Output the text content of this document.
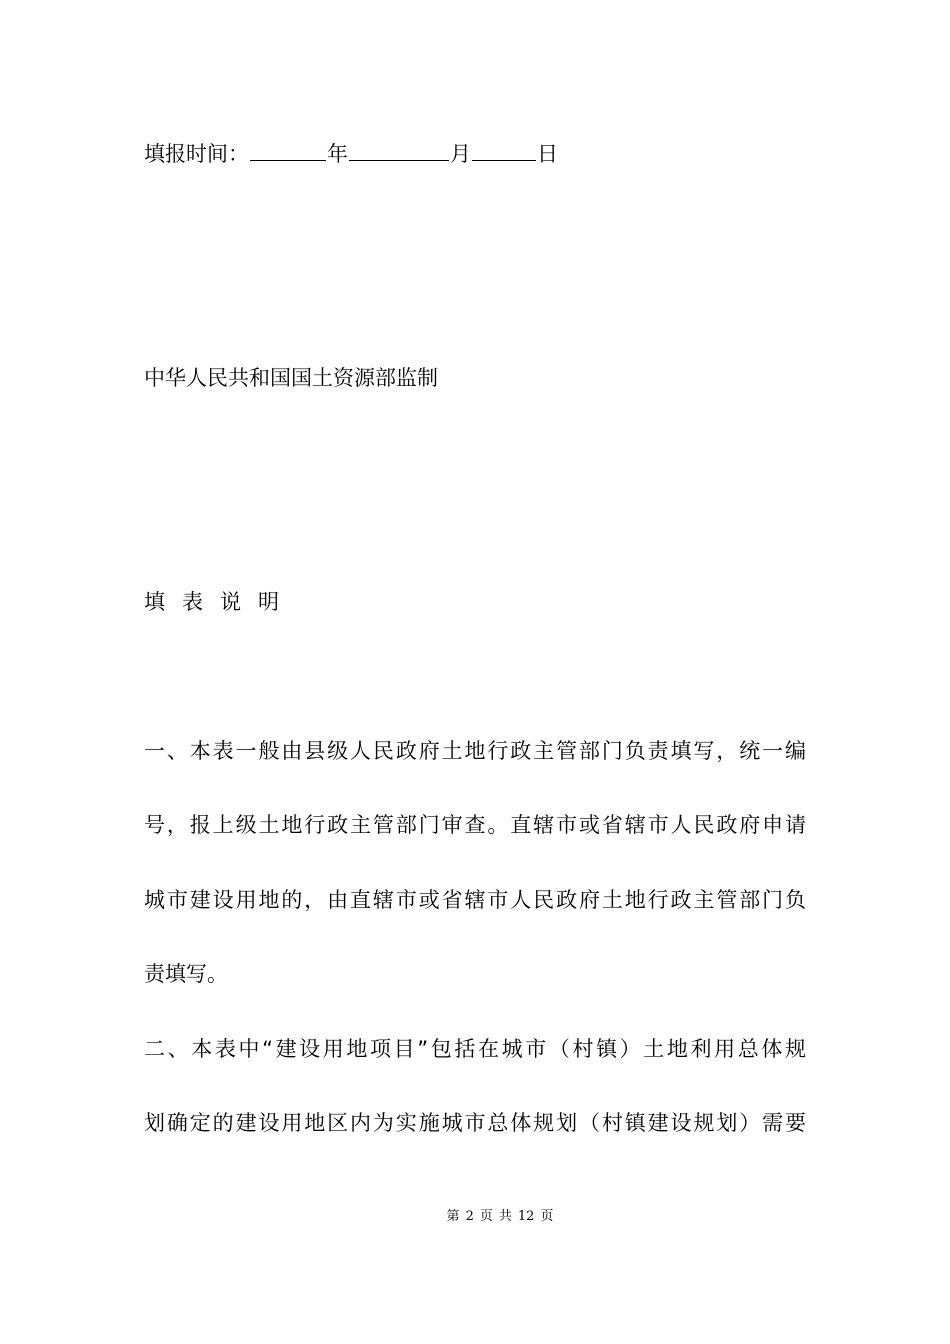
填报时间：	年	月	日
中华人民共和国国土资源部监制
填 表 说 明
一、本表一般由县级人民政府土地行政主管部门负责填写，统一编
号，报上级土地行政主管部门审查。直辖市或省辖市人民政府申请
城市建设用地的，由直辖市或省辖市人民政府土地行政主管部门负
责填写。
二、本表中“建设用地项目”包括在城市（村镇）土地利用总体规
划确定的建设用地区内为实施城市总体规划（村镇建设规划）需要
第 2 页 共 12 页
